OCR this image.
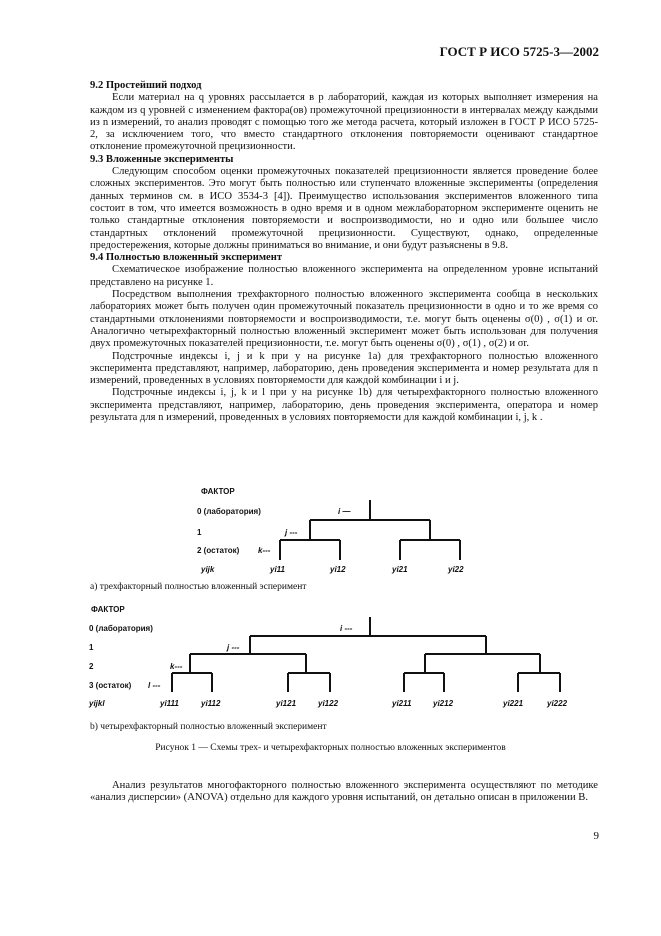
ГОСТ Р ИСО 5725-3—2002
9.2 Простейший подход

Если материал на q уровнях рассылается в p лабораторий, каждая из которых выполняет измерения на каждом из q уровней с изменением фактора(ов) промежуточной прецизионности в интервалах между каждыми из n измерений, то анализ проводят с помощью того же метода расчета, который изложен в ГОСТ Р ИСО 5725-2, за исключением того, что вместо стандартного отклонения повторяемости оценивают стандартное отклонение промежуточной прецизионности.

9.3 Вложенные эксперименты

Следующим способом оценки промежуточных показателей прецизионности является проведение более сложных экспериментов. Это могут быть полностью или ступенчато вложенные эксперименты (определения данных терминов см. в ИСО 3534-3 [4]). Преимущество использования экспериментов вложенного типа состоит в том, что имеется возможность в одно время и в одном межлабораторном эксперименте оценить не только стандартные отклонения повторяемости и воспроизводимости, но и одно или большее число стандартных отклонений промежуточной прецизионности. Существуют, однако, определенные предостережения, которые должны приниматься во внимание, и они будут разъяснены в 9.8.

9.4 Полностью вложенный эксперимент

Схематическое изображение полностью вложенного эксперимента на определенном уровне испытаний представлено на рисунке 1.

Посредством выполнения трехфакторного полностью вложенного эксперимента сообща в нескольких лабораториях может быть получен один промежуточный показатель прецизионности в одно и то же время со стандартными отклонениями повторяемости и воспроизводимости, т.е. могут быть оценены σ(0) , σ(1) и σr. Аналогично четырехфакторный полностью вложенный эксперимент может быть использован для получения двух промежуточных показателей прецизионности, т.е. могут быть оценены σ(0) , σ(1) , σ(2) и σr.

Подстрочные индексы i, j и k при y на рисунке 1a) для трехфакторного полностью вложенного эксперимента представляют, например, лабораторию, день проведения эксперимента и номер результата для n измерений, проведенных в условиях повторяемости для каждой комбинации i и j.

Подстрочные индексы i, j, k и l при y на рисунке 1b) для четырехфакторного полностью вложенного эксперимента представляют, например, лабораторию, день проведения эксперимента, оператора и номер результата для n измерений, проведенных в условиях повторяемости для каждой комбинации i, j, k .

ФАКТОР
0 (лаборатория)
1
2 (остаток)
i —
j ---
k---
yijk	yi11	yi12	yi21	yi22
ФАКТОР
0 (лаборатория)
1
2
3 (остаток)
i ---
j ---
k---
l ---
yijkl	yi111	yi112	yi121	yi122	yi211	yi212	yi221	yi222
a) трехфакторный полностью вложенный эсперимент
b) четырехфакторный полностью вложенный эксперимент
Рисунок 1 — Схемы трех- и четырехфакторных полностью вложенных экспериментов

Анализ результатов многофакторного полностью вложенного эксперимента осуществляют по методике «анализ дисперсии» (ANOVA) отдельно для каждого уровня испытаний, он детально описан в приложении В.

9
